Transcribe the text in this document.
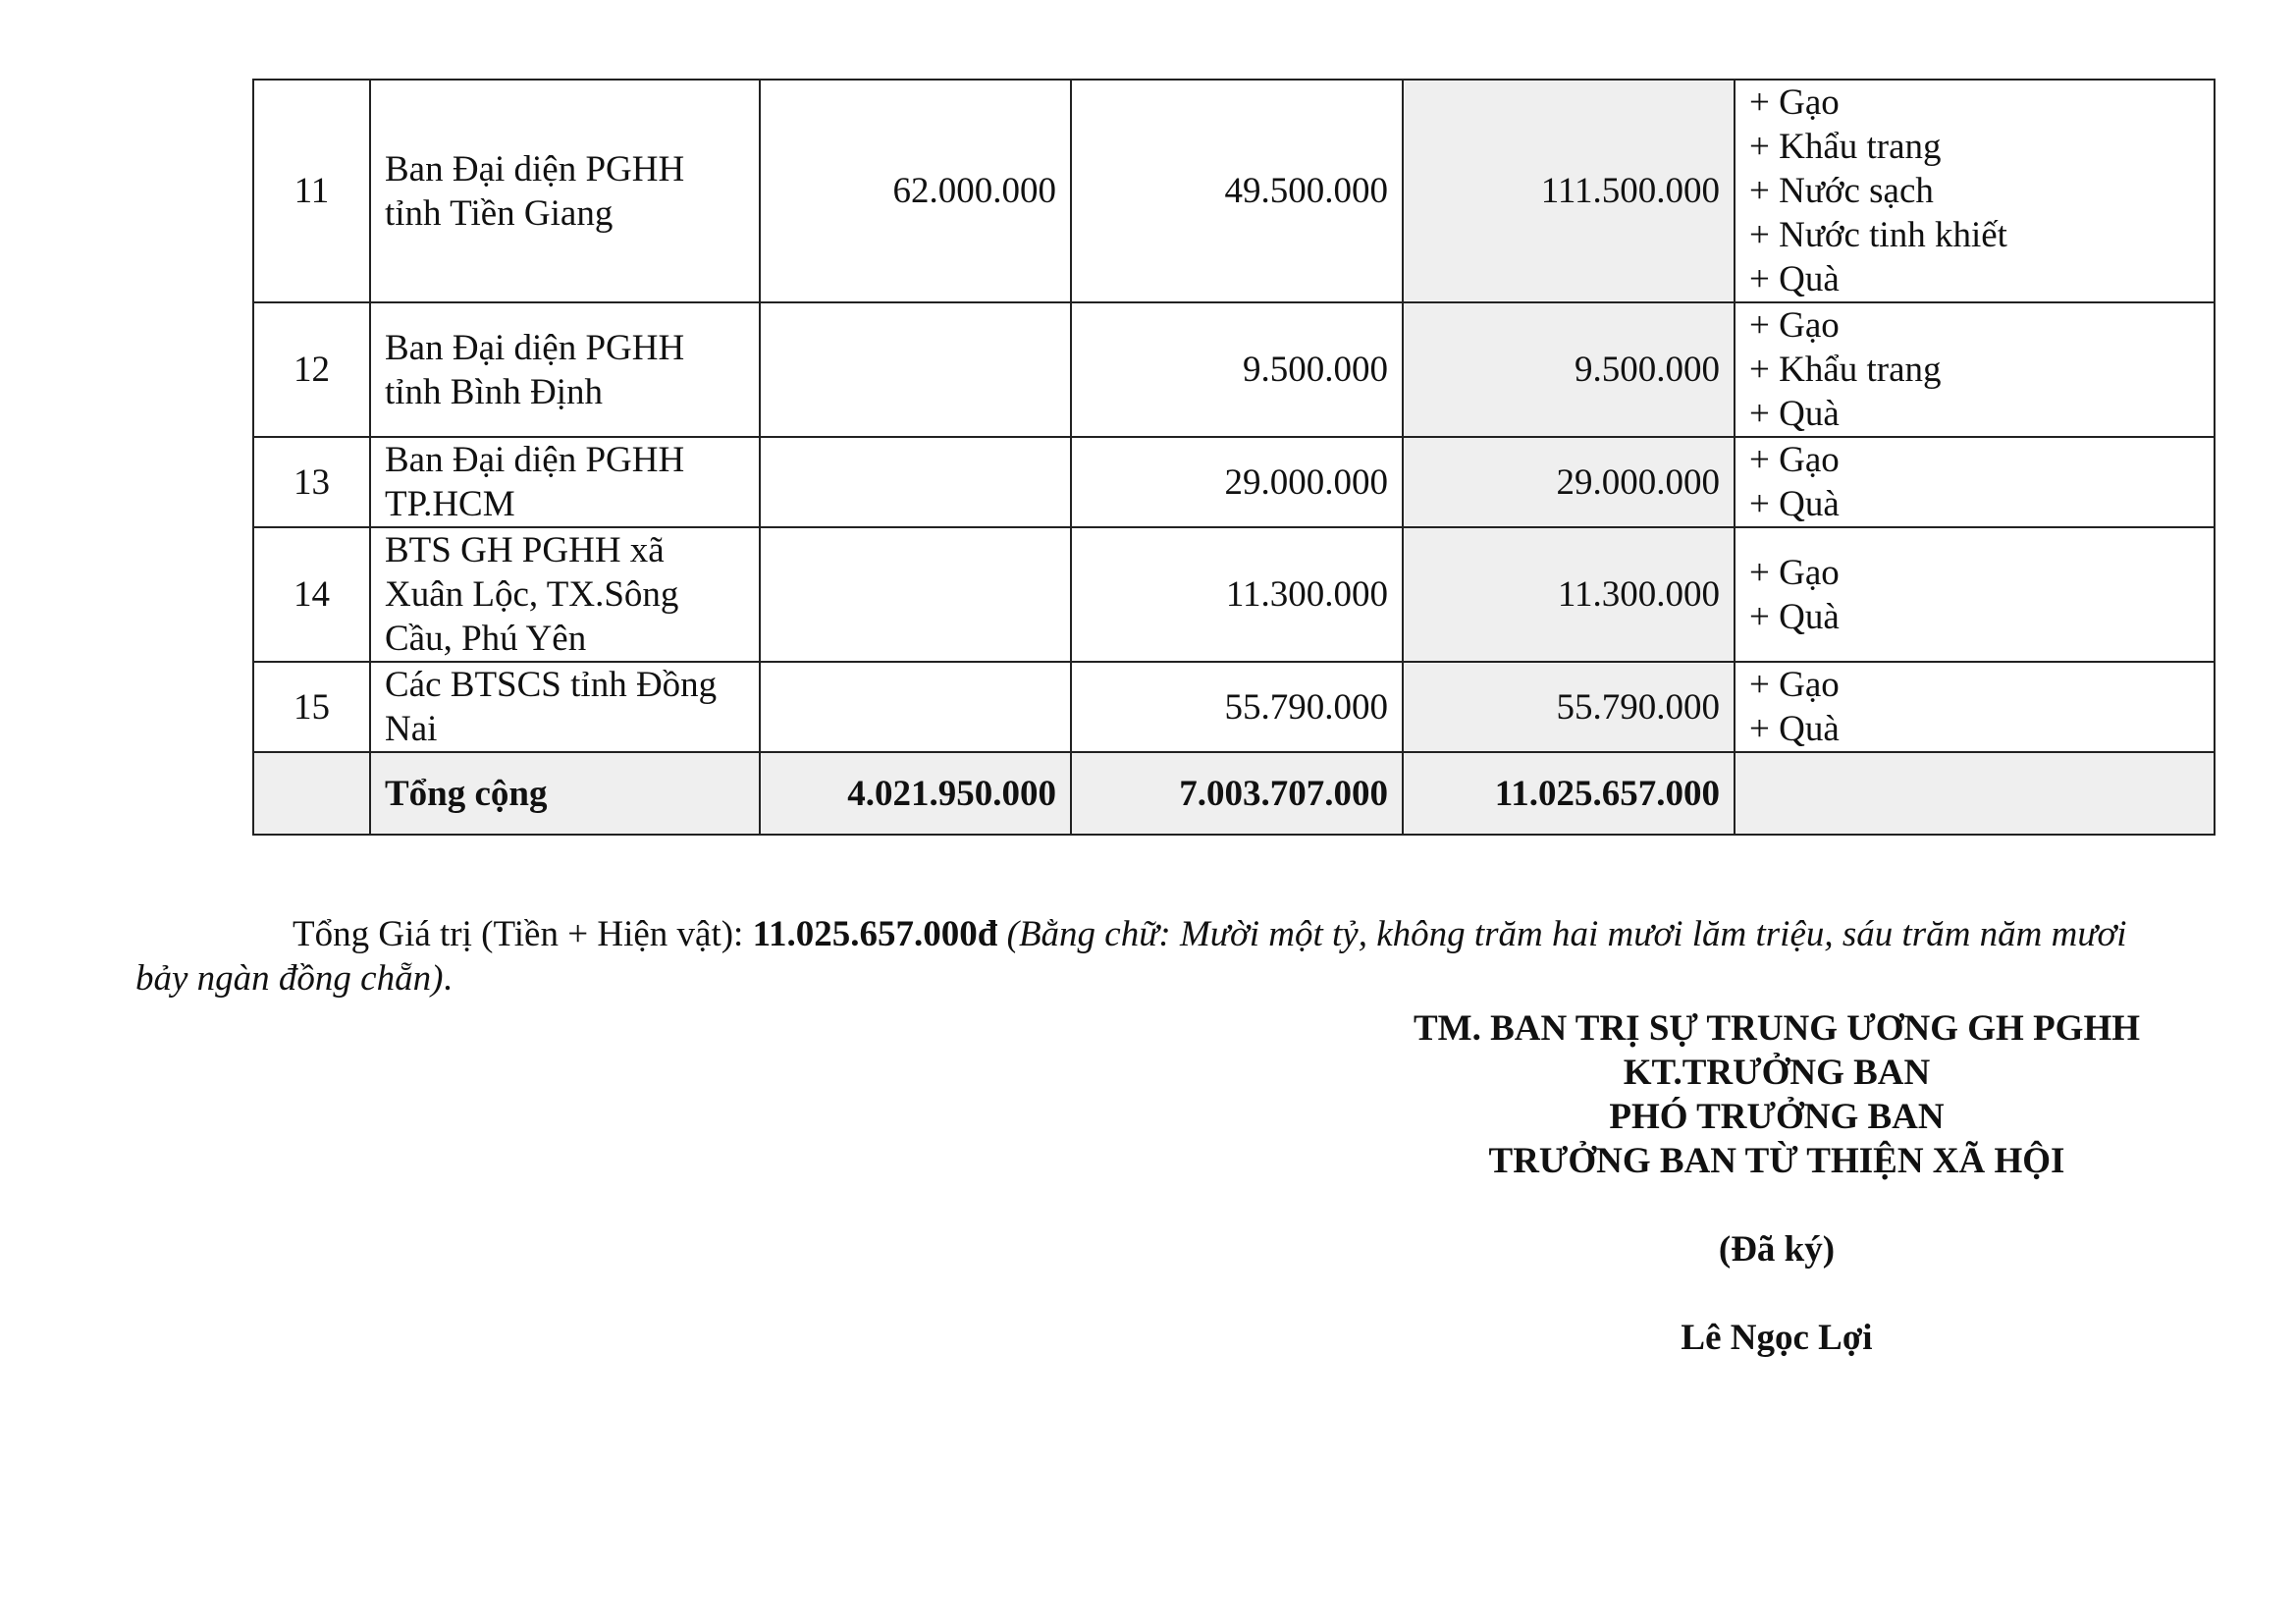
11	Ban Đại diện PGHH tỉnh Tiền Giang	62.000.000	49.500.000	111.500.000	+ Gạo
+ Khẩu trang
+ Nước sạch
+ Nước tinh khiết
+ Quà

12	Ban Đại diện PGHH tỉnh Bình Định		9.500.000	9.500.000	+ Gạo
+ Khẩu trang
+ Quà

13	Ban Đại diện PGHH TP.HCM		29.000.000	29.000.000	+ Gạo
+ Quà

14	BTS GH PGHH xã Xuân Lộc, TX.Sông Cầu, Phú Yên		11.300.000	11.300.000	+ Gạo
+ Quà

15	Các BTSCS tỉnh Đồng Nai		55.790.000	55.790.000	+ Gạo
+ Quà

	Tổng cộng	4.021.950.000	7.003.707.000	11.025.657.000	

Tổng Giá trị (Tiền + Hiện vật): 11.025.657.000đ (Bằng chữ: Mười một tỷ, không trăm hai mươi lăm triệu, sáu trăm năm mươi bảy ngàn đồng chẵn).

TM. BAN TRỊ SỰ TRUNG ƯƠNG GH PGHH
KT.TRƯỞNG BAN
PHÓ TRƯỞNG BAN
TRƯỞNG BAN TỪ THIỆN XÃ HỘI
(Đã ký)
Lê Ngọc Lợi
